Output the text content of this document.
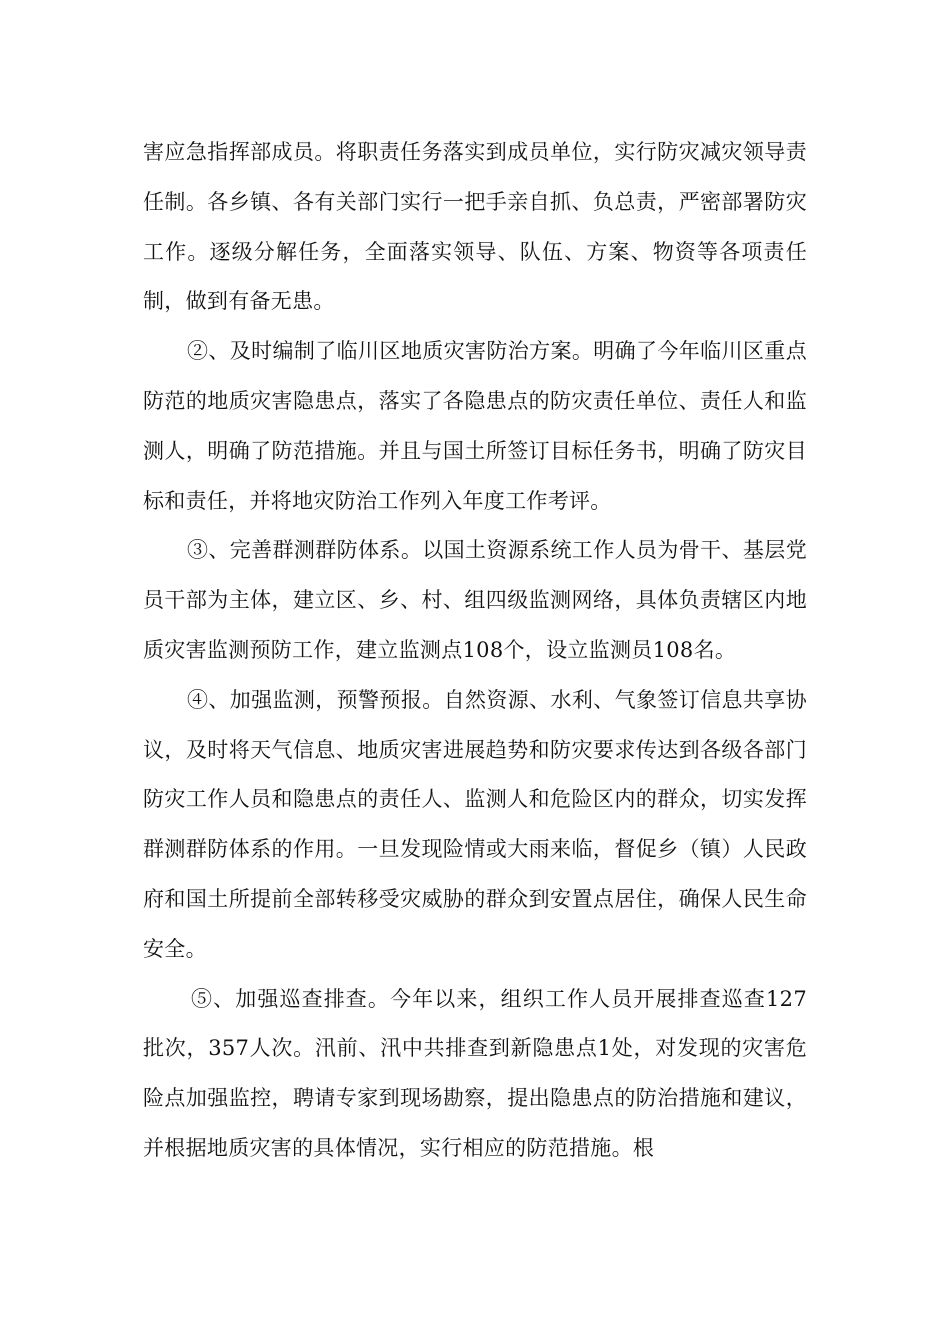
害应急指挥部成员。将职责任务落实到成员单位，实行防灾减灾领导责任制。各乡镇、各有关部门实行一把手亲自抓、负总责，严密部署防灾工作。逐级分解任务，全面落实领导、队伍、方案、物资等各项责任制，做到有备无患。

②、及时编制了临川区地质灾害防治方案。明确了今年临川区重点防范的地质灾害隐患点，落实了各隐患点的防灾责任单位、责任人和监测人，明确了防范措施。并且与国土所签订目标任务书，明确了防灾目标和责任，并将地灾防治工作列入年度工作考评。

③、完善群测群防体系。以国土资源系统工作人员为骨干、基层党员干部为主体，建立区、乡、村、组四级监测网络，具体负责辖区内地质灾害监测预防工作，建立监测点108个，设立监测员108名。

④、加强监测，预警预报。自然资源、水利、气象签订信息共享协议，及时将天气信息、地质灾害进展趋势和防灾要求传达到各级各部门防灾工作人员和隐患点的责任人、监测人和危险区内的群众，切实发挥群测群防体系的作用。一旦发现险情或大雨来临，督促乡（镇）人民政府和国土所提前全部转移受灾威胁的群众到安置点居住，确保人民生命安全。

⑤、加强巡查排查。今年以来，组织工作人员开展排查巡查127批次，357人次。汛前、汛中共排查到新隐患点1处，对发现的灾害危险点加强监控，聘请专家到现场勘察，提出隐患点的防治措施和建议，并根据地质灾害的具体情况，实行相应的防范措施。根
